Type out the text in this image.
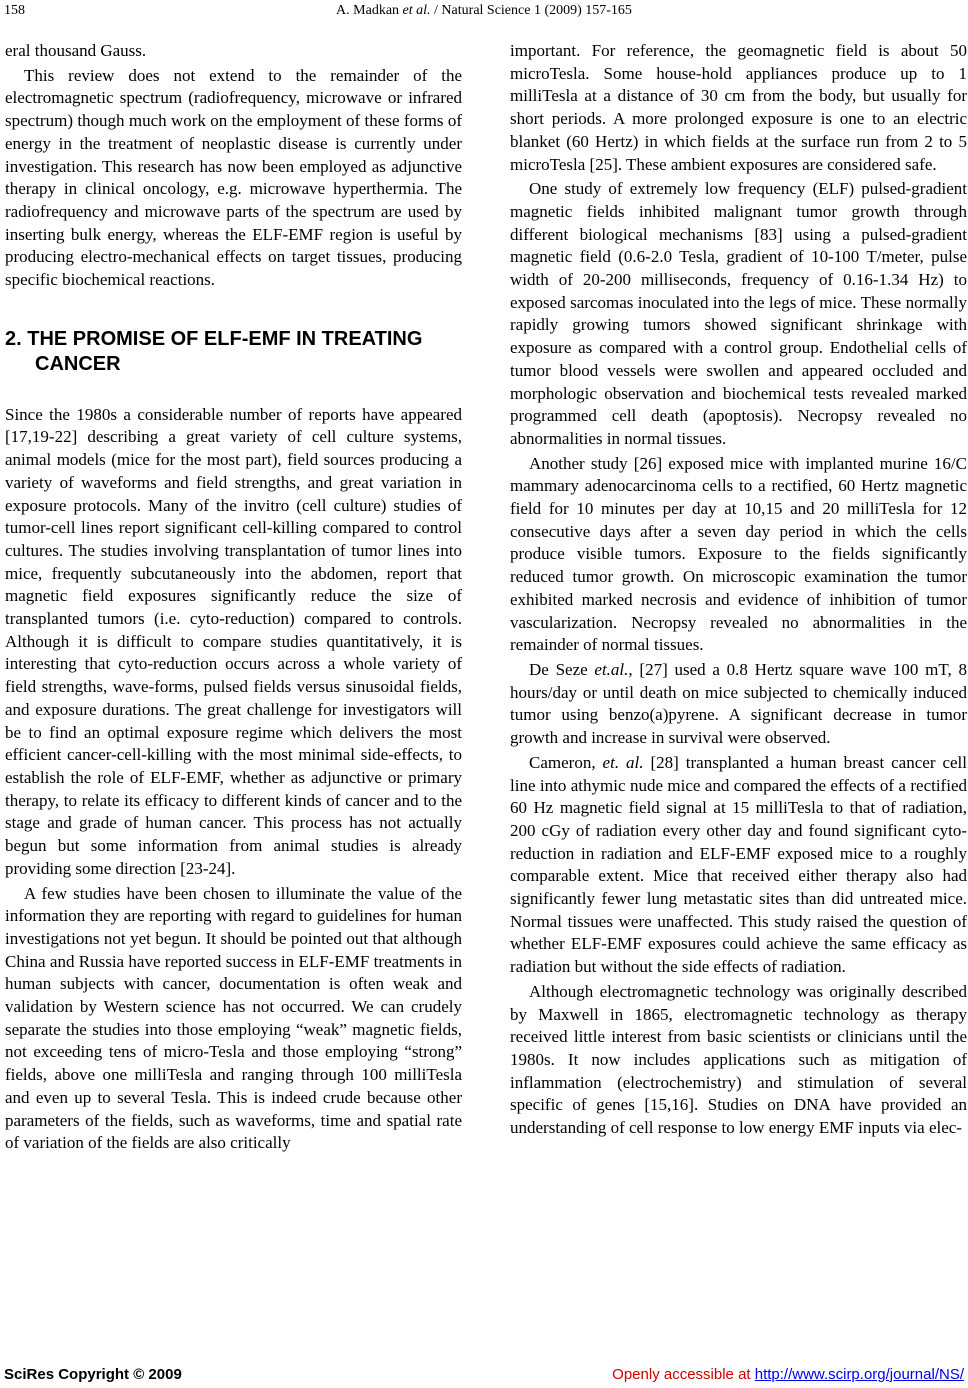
158	A. Madkan et al. / Natural Science 1 (2009) 157-165

eral thousand Gauss.

This review does not extend to the remainder of the electromagnetic spectrum (radiofrequency, microwave or infrared spectrum) though much work on the employment of these forms of energy in the treatment of neoplastic disease is currently under investigation. This research has now been employed as adjunctive therapy in clinical oncology, e.g. microwave hyperthermia. The radiofrequency and microwave parts of the spectrum are used by inserting bulk energy, whereas the ELF-EMF region is useful by producing electro-mechanical effects on target tissues, producing specific biochemical reactions.

2. THE PROMISE OF ELF-EMF IN TREATING CANCER

Since the 1980s a considerable number of reports have appeared [17,19-22] describing a great variety of cell culture systems, animal models (mice for the most part), field sources producing a variety of waveforms and field strengths, and great variation in exposure protocols. Many of the invitro (cell culture) studies of tumor-cell lines report significant cell-killing compared to control cultures. The studies involving transplantation of tumor lines into mice, frequently subcutaneously into the abdomen, report that magnetic field exposures significantly reduce the size of transplanted tumors (i.e. cyto-reduction) compared to controls. Although it is difficult to compare studies quantitatively, it is interesting that cyto-reduction occurs across a whole variety of field strengths, wave-forms, pulsed fields versus sinusoidal fields, and exposure durations. The great challenge for investigators will be to find an optimal exposure regime which delivers the most efficient cancer-cell-killing with the most minimal side-effects, to establish the role of ELF-EMF, whether as adjunctive or primary therapy, to relate its efficacy to different kinds of cancer and to the stage and grade of human cancer. This process has not actually begun but some information from animal studies is already providing some direction [23-24].

A few studies have been chosen to illuminate the value of the information they are reporting with regard to guidelines for human investigations not yet begun. It should be pointed out that although China and Russia have reported success in ELF-EMF treatments in human subjects with cancer, documentation is often weak and validation by Western science has not occurred. We can crudely separate the studies into those employing “weak” magnetic fields, not exceeding tens of micro-Tesla and those employing “strong” fields, above one milliTesla and ranging through 100 milliTesla and even up to several Tesla. This is indeed crude because other parameters of the fields, such as waveforms, time and spatial rate of variation of the fields are also critically

important. For reference, the geomagnetic field is about 50 microTesla. Some house-hold appliances produce up to 1 milliTesla at a distance of 30 cm from the body, but usually for short periods. A more prolonged exposure is one to an electric blanket (60 Hertz) in which fields at the surface run from 2 to 5 microTesla [25]. These ambient exposures are considered safe.

One study of extremely low frequency (ELF) pulsed-gradient magnetic fields inhibited malignant tumor growth through different biological mechanisms [83] using a pulsed-gradient magnetic field (0.6-2.0 Tesla, gradient of 10-100 T/meter, pulse width of 20-200 milliseconds, frequency of 0.16-1.34 Hz) to exposed sarcomas inoculated into the legs of mice. These normally rapidly growing tumors showed significant shrinkage with exposure as compared with a control group. Endothelial cells of tumor blood vessels were swollen and appeared occluded and morphologic observation and biochemical tests revealed marked programmed cell death (apoptosis). Necropsy revealed no abnormalities in normal tissues.

Another study [26] exposed mice with implanted murine 16/C mammary adenocarcinoma cells to a rectified, 60 Hertz magnetic field for 10 minutes per day at 10,15 and 20 milliTesla for 12 consecutive days after a seven day period in which the cells produce visible tumors. Exposure to the fields significantly reduced tumor growth. On microscopic examination the tumor exhibited marked necrosis and evidence of inhibition of tumor vascularization. Necropsy revealed no abnormalities in the remainder of normal tissues.

De Seze et.al., [27] used a 0.8 Hertz square wave 100 mT, 8 hours/day or until death on mice subjected to chemically induced tumor using benzo(a)pyrene. A significant decrease in tumor growth and increase in survival were observed.

Cameron, et. al. [28] transplanted a human breast cancer cell line into athymic nude mice and compared the effects of a rectified 60 Hz magnetic field signal at 15 milliTesla to that of radiation, 200 cGy of radiation every other day and found significant cyto-reduction in radiation and ELF-EMF exposed mice to a roughly comparable extent. Mice that received either therapy also had significantly fewer lung metastatic sites than did untreated mice. Normal tissues were unaffected. This study raised the question of whether ELF-EMF exposures could achieve the same efficacy as radiation but without the side effects of radiation.

Although electromagnetic technology was originally described by Maxwell in 1865, electromagnetic technology as therapy received little interest from basic scientists or clinicians until the 1980s. It now includes applications such as mitigation of inflammation (electrochemistry) and stimulation of several specific of genes [15,16]. Studies on DNA have provided an understanding of cell response to low energy EMF inputs via elec-

SciRes Copyright © 2009	Openly accessible at http://www.scirp.org/journal/NS/
